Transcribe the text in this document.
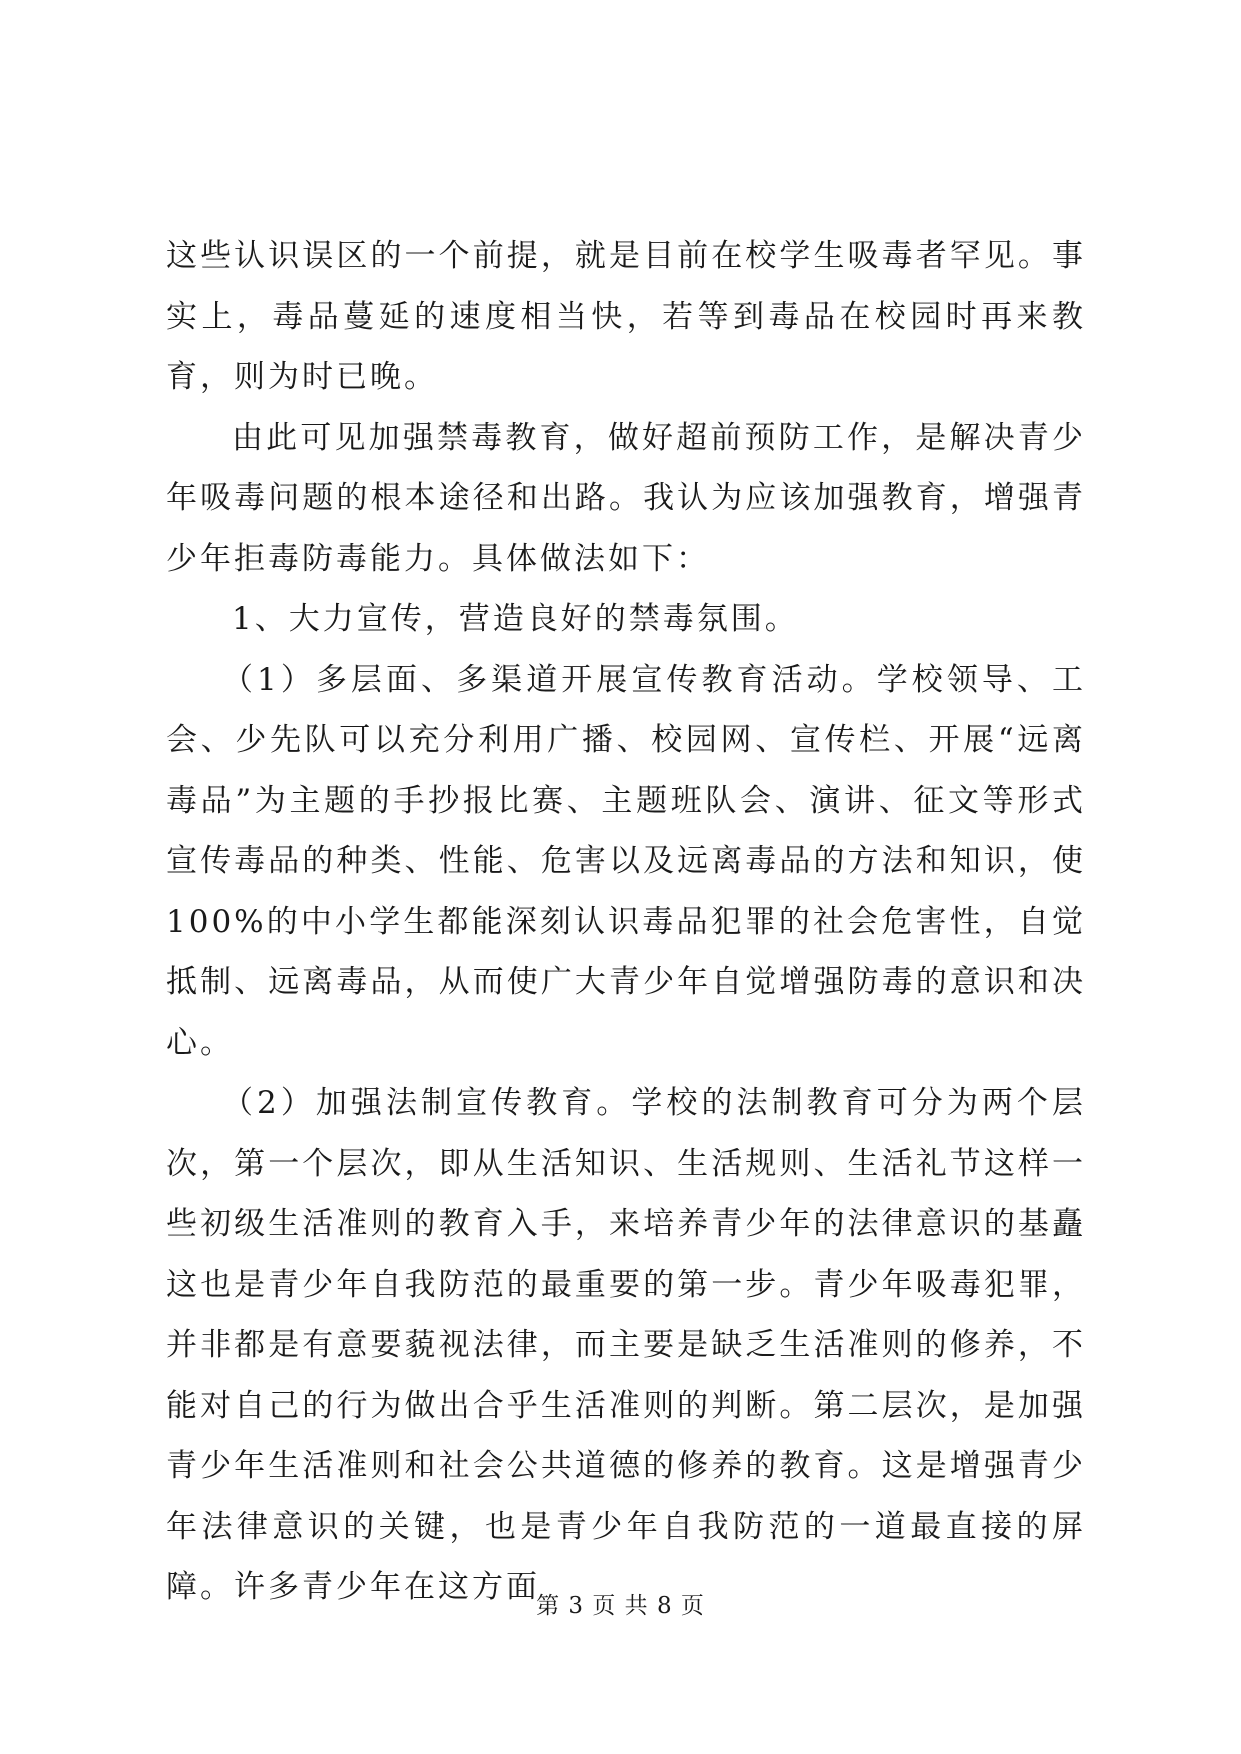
这些认识误区的一个前提，就是目前在校学生吸毒者罕见。事实上，毒品蔓延的速度相当快，若等到毒品在校园时再来教育，则为时已晚。

由此可见加强禁毒教育，做好超前预防工作，是解决青少年吸毒问题的根本途径和出路。我认为应该加强教育，增强青少年拒毒防毒能力。具体做法如下：

1、大力宣传，营造良好的禁毒氛围。

（1）多层面、多渠道开展宣传教育活动。学校领导、工会、少先队可以充分利用广播、校园网、宣传栏、开展“远离毒品”为主题的手抄报比赛、主题班队会、演讲、征文等形式宣传毒品的种类、性能、危害以及远离毒品的方法和知识，使100%的中小学生都能深刻认识毒品犯罪的社会危害性，自觉抵制、远离毒品，从而使广大青少年自觉增强防毒的意识和决心。

（2）加强法制宣传教育。学校的法制教育可分为两个层次，第一个层次，即从生活知识、生活规则、生活礼节这样一些初级生活准则的教育入手，来培养青少年的法律意识的基矗这也是青少年自我防范的最重要的第一步。青少年吸毒犯罪，并非都是有意要藐视法律，而主要是缺乏生活准则的修养，不能对自己的行为做出合乎生活准则的判断。第二层次，是加强青少年生活准则和社会公共道德的修养的教育。这是增强青少年法律意识的关键，也是青少年自我防范的一道最直接的屏障。许多青少年在这方面

第 3 页 共 8 页
